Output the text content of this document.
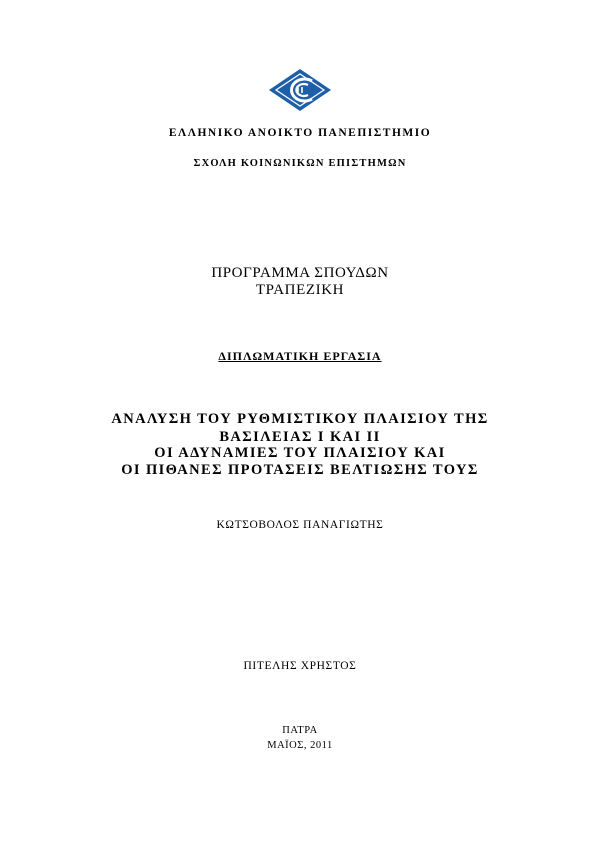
ΕΛΛΗΝΙΚΟ ΑΝΟΙΚΤΟ ΠΑΝΕΠΙΣΤΗΜΙΟ
ΣΧΟΛΗ ΚΟΙΝΩΝΙΚΩΝ ΕΠΙΣΤΗΜΩΝ
ΠΡΟΓΡΑΜΜΑ ΣΠΟΥΔΩΝ
ΤΡΑΠΕΖΙΚΗ
ΔΙΠΛΩΜΑΤΙΚΗ ΕΡΓΑΣΙΑ
ΑΝΑΛΥΣΗ ΤΟΥ ΡΥΘΜΙΣΤΙΚΟΥ ΠΛΑΙΣΙΟΥ ΤΗΣ
ΒΑΣΙΛΕΙΑΣ Ι ΚΑΙ ΙΙ
ΟΙ ΑΔΥΝΑΜΙΕΣ ΤΟΥ ΠΛΑΙΣΙΟΥ ΚΑΙ
ΟΙ ΠΙΘΑΝΕΣ ΠΡΟΤΑΣΕΙΣ ΒΕΛΤΙΩΣΗΣ ΤΟΥΣ
ΚΩΤΣΟΒΟΛΟΣ ΠΑΝΑΓΙΩΤΗΣ
ΠΙΤΕΛΗΣ ΧΡΗΣΤΟΣ
ΠΑΤΡΑ
ΜΑΪΟΣ, 2011
